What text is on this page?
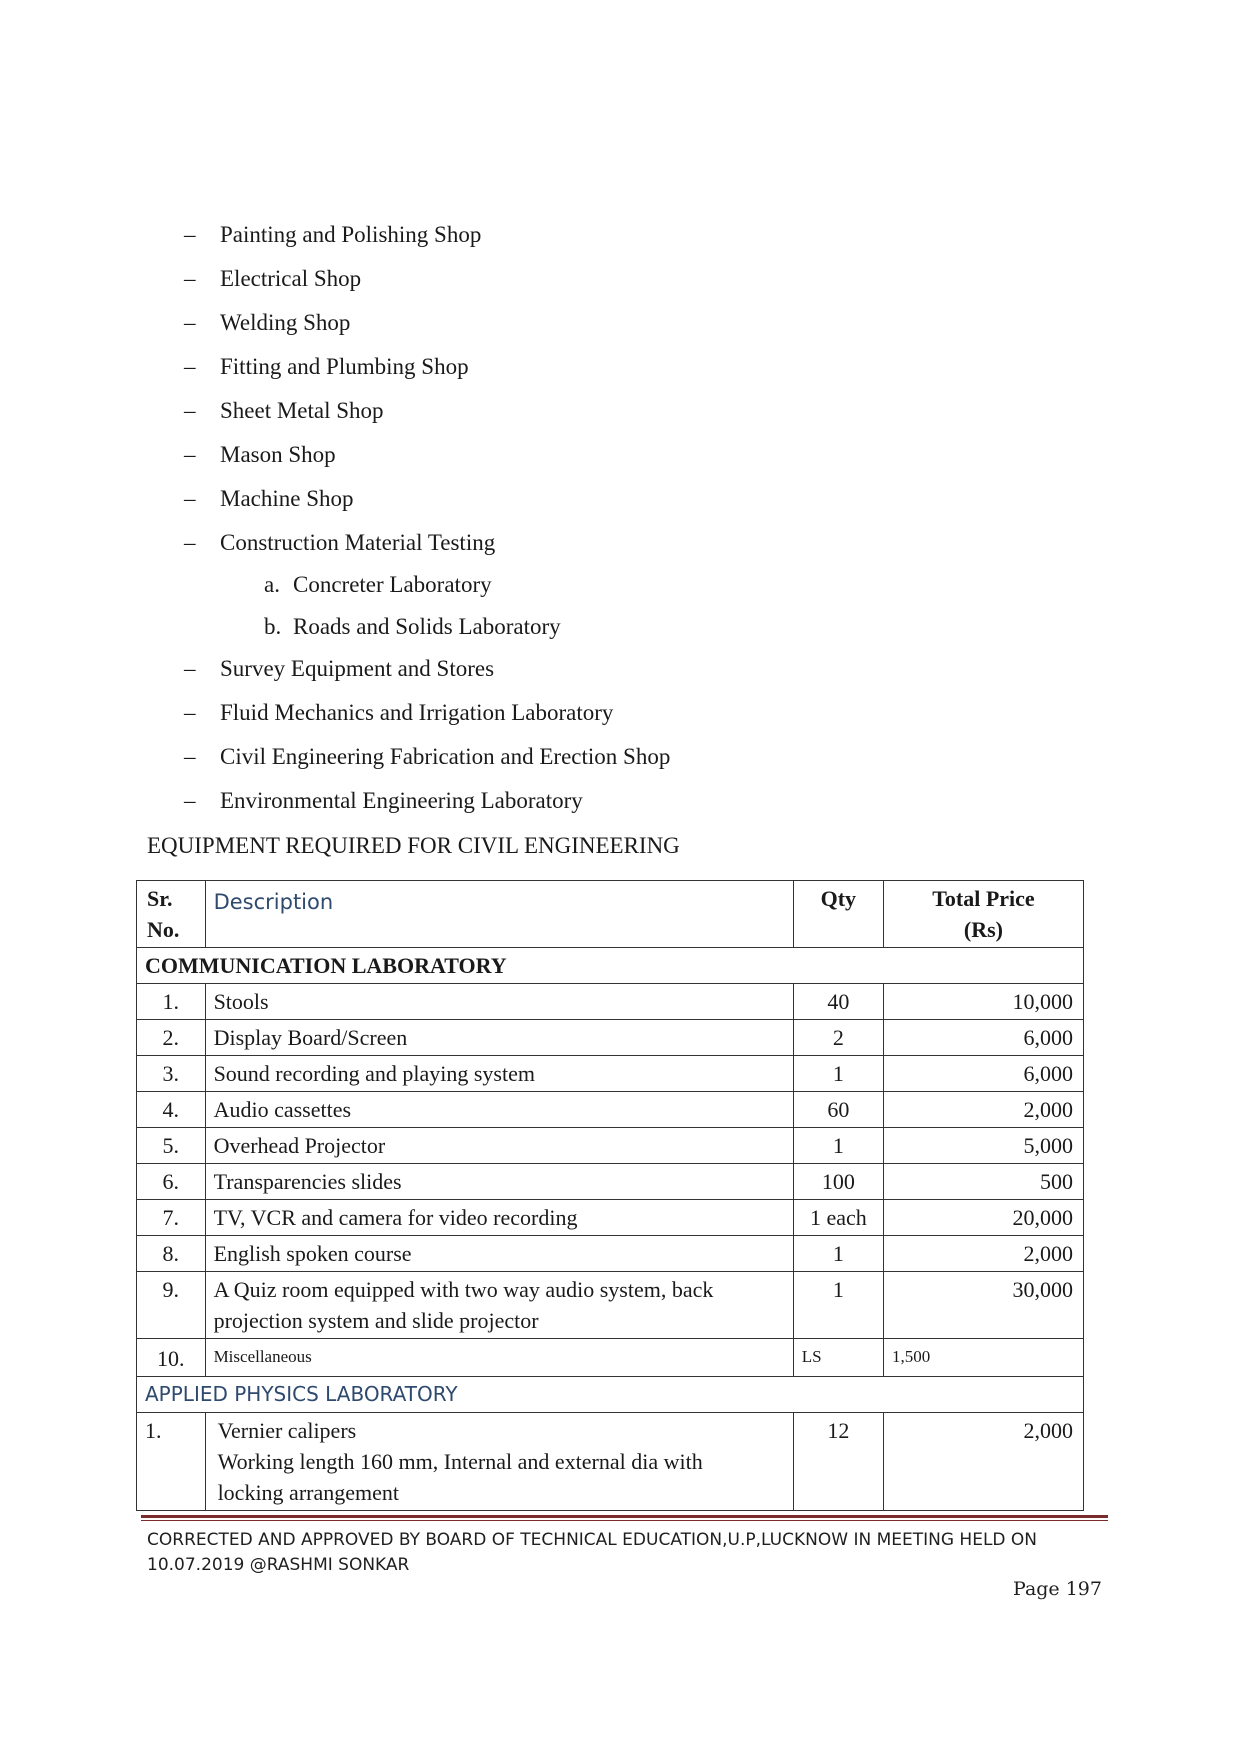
– Painting and Polishing Shop
– Electrical Shop
– Welding Shop
– Fitting and Plumbing Shop
– Sheet Metal Shop
– Mason Shop
– Machine Shop
– Construction Material Testing
a. Concreter Laboratory
b. Roads and Solids Laboratory
– Survey Equipment and Stores
– Fluid Mechanics and Irrigation Laboratory
– Civil Engineering Fabrication and Erection Shop
– Environmental Engineering Laboratory
EQUIPMENT REQUIRED FOR CIVIL ENGINEERING
Sr.
No.	Description	Qty	Total Price
(Rs)
COMMUNICATION LABORATORY			
1.	Stools	40	10,000
2.	Display Board/Screen	2	6,000
3.	Sound recording and playing system	1	6,000
4.	Audio cassettes	60	2,000
5.	Overhead Projector	1	5,000
6.	Transparencies slides	100	500
7.	TV, VCR and camera for video recording	1 each	20,000
8.	English spoken course	1	2,000
9.	A Quiz room equipped with two way audio system, back
projection system and slide projector	1	30,000
10.	Miscellaneous	LS	1,500
APPLIED PHYSICS LABORATORY			
1.	Vernier calipers
Working length 160 mm, Internal and external dia with
locking arrangement	12	2,000
CORRECTED AND APPROVED BY BOARD OF TECHNICAL EDUCATION,U.P,LUCKNOW IN MEETING HELD ON
10.07.2019 @RASHMI SONKAR
Page 197
